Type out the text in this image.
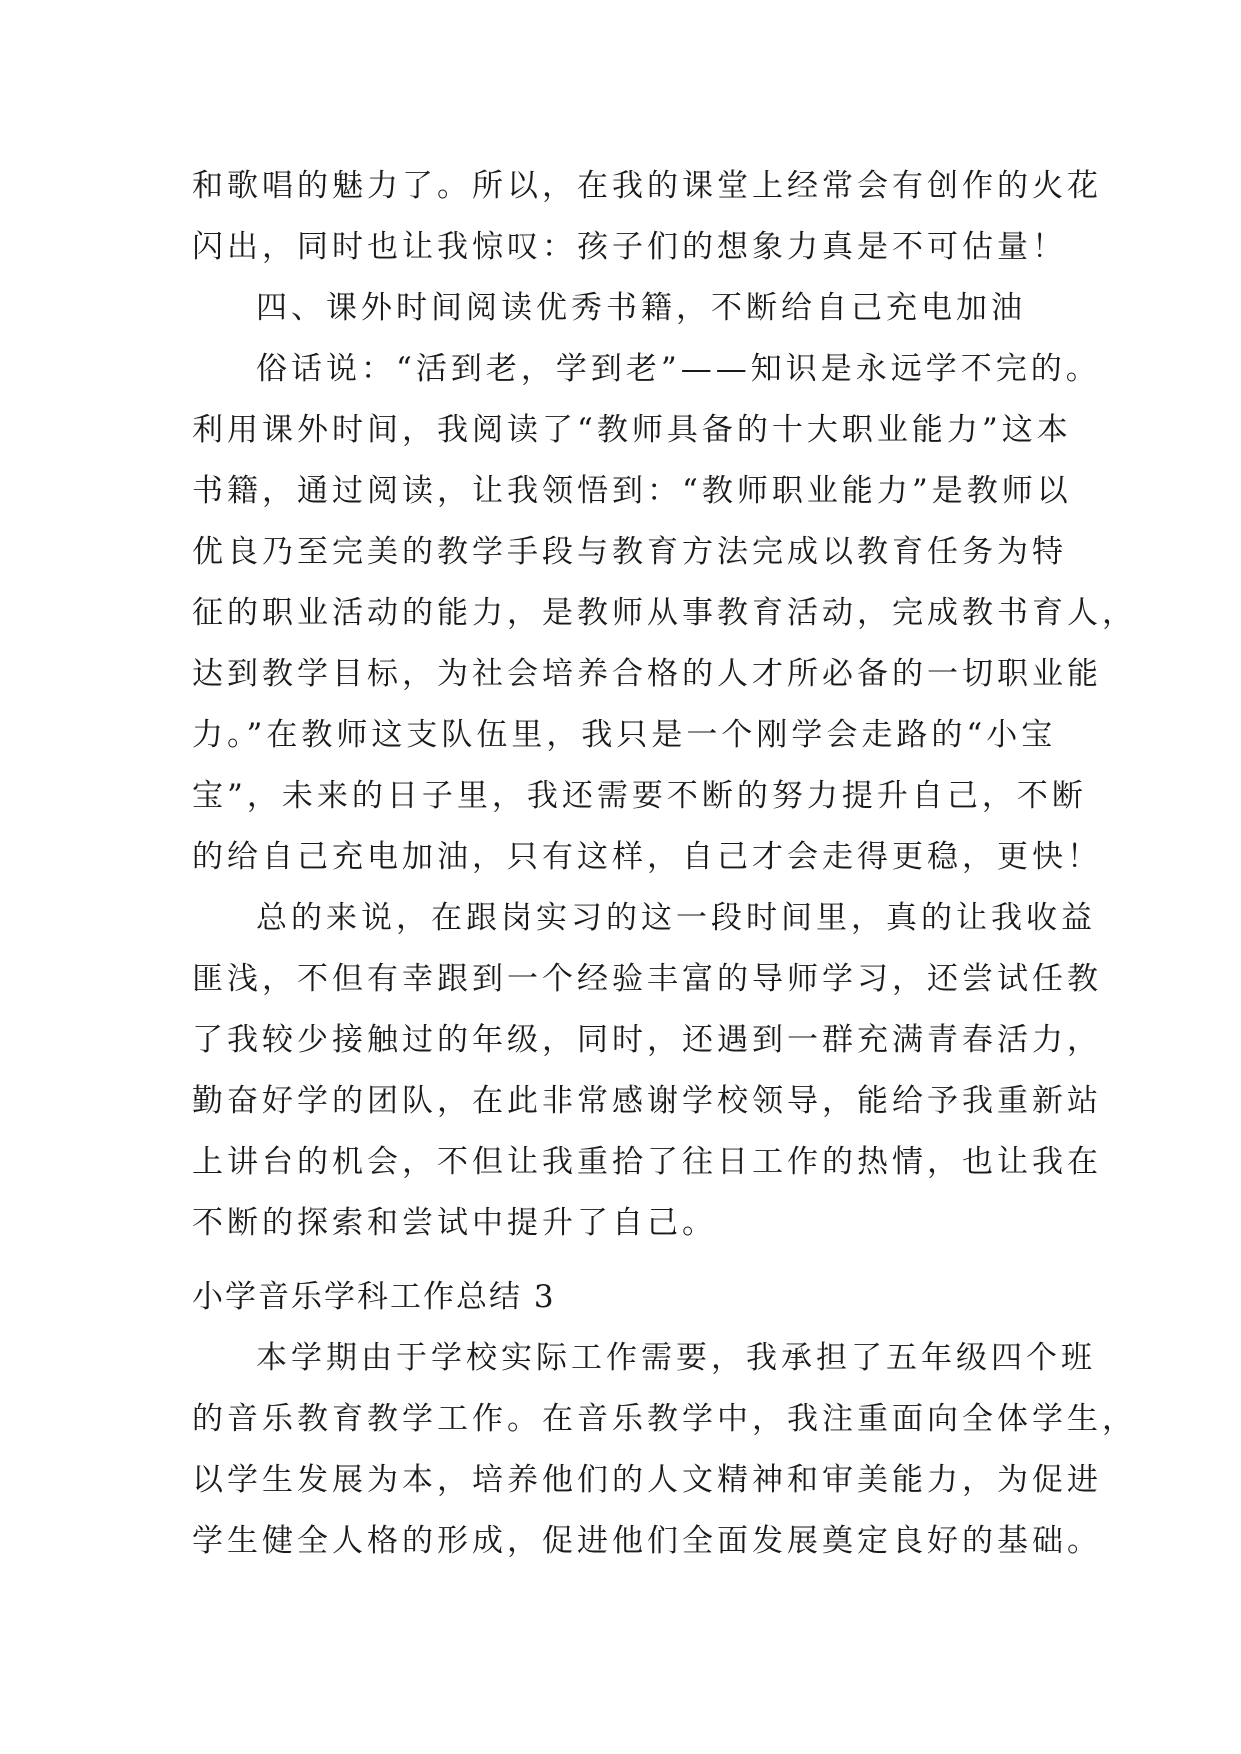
和歌唱的魅力了。所以，在我的课堂上经常会有创作的火花
闪出，同时也让我惊叹：孩子们的想象力真是不可估量！
四、课外时间阅读优秀书籍，不断给自己充电加油
俗话说：“活到老，学到老”——知识是永远学不完的。
利用课外时间，我阅读了“教师具备的十大职业能力”这本
书籍，通过阅读，让我领悟到：“教师职业能力”是教师以
优良乃至完美的教学手段与教育方法完成以教育任务为特
征的职业活动的能力，是教师从事教育活动，完成教书育人，
达到教学目标，为社会培养合格的人才所必备的一切职业能
力。”在教师这支队伍里，我只是一个刚学会走路的“小宝
宝”，未来的日子里，我还需要不断的努力提升自己，不断
的给自己充电加油，只有这样，自己才会走得更稳，更快！
总的来说，在跟岗实习的这一段时间里，真的让我收益
匪浅，不但有幸跟到一个经验丰富的导师学习，还尝试任教
了我较少接触过的年级，同时，还遇到一群充满青春活力，
勤奋好学的团队，在此非常感谢学校领导，能给予我重新站
上讲台的机会，不但让我重拾了往日工作的热情，也让我在
不断的探索和尝试中提升了自己。
小学音乐学科工作总结 3
本学期由于学校实际工作需要，我承担了五年级四个班
的音乐教育教学工作。在音乐教学中，我注重面向全体学生，
以学生发展为本，培养他们的人文精神和审美能力，为促进
学生健全人格的形成，促进他们全面发展奠定良好的基础。
